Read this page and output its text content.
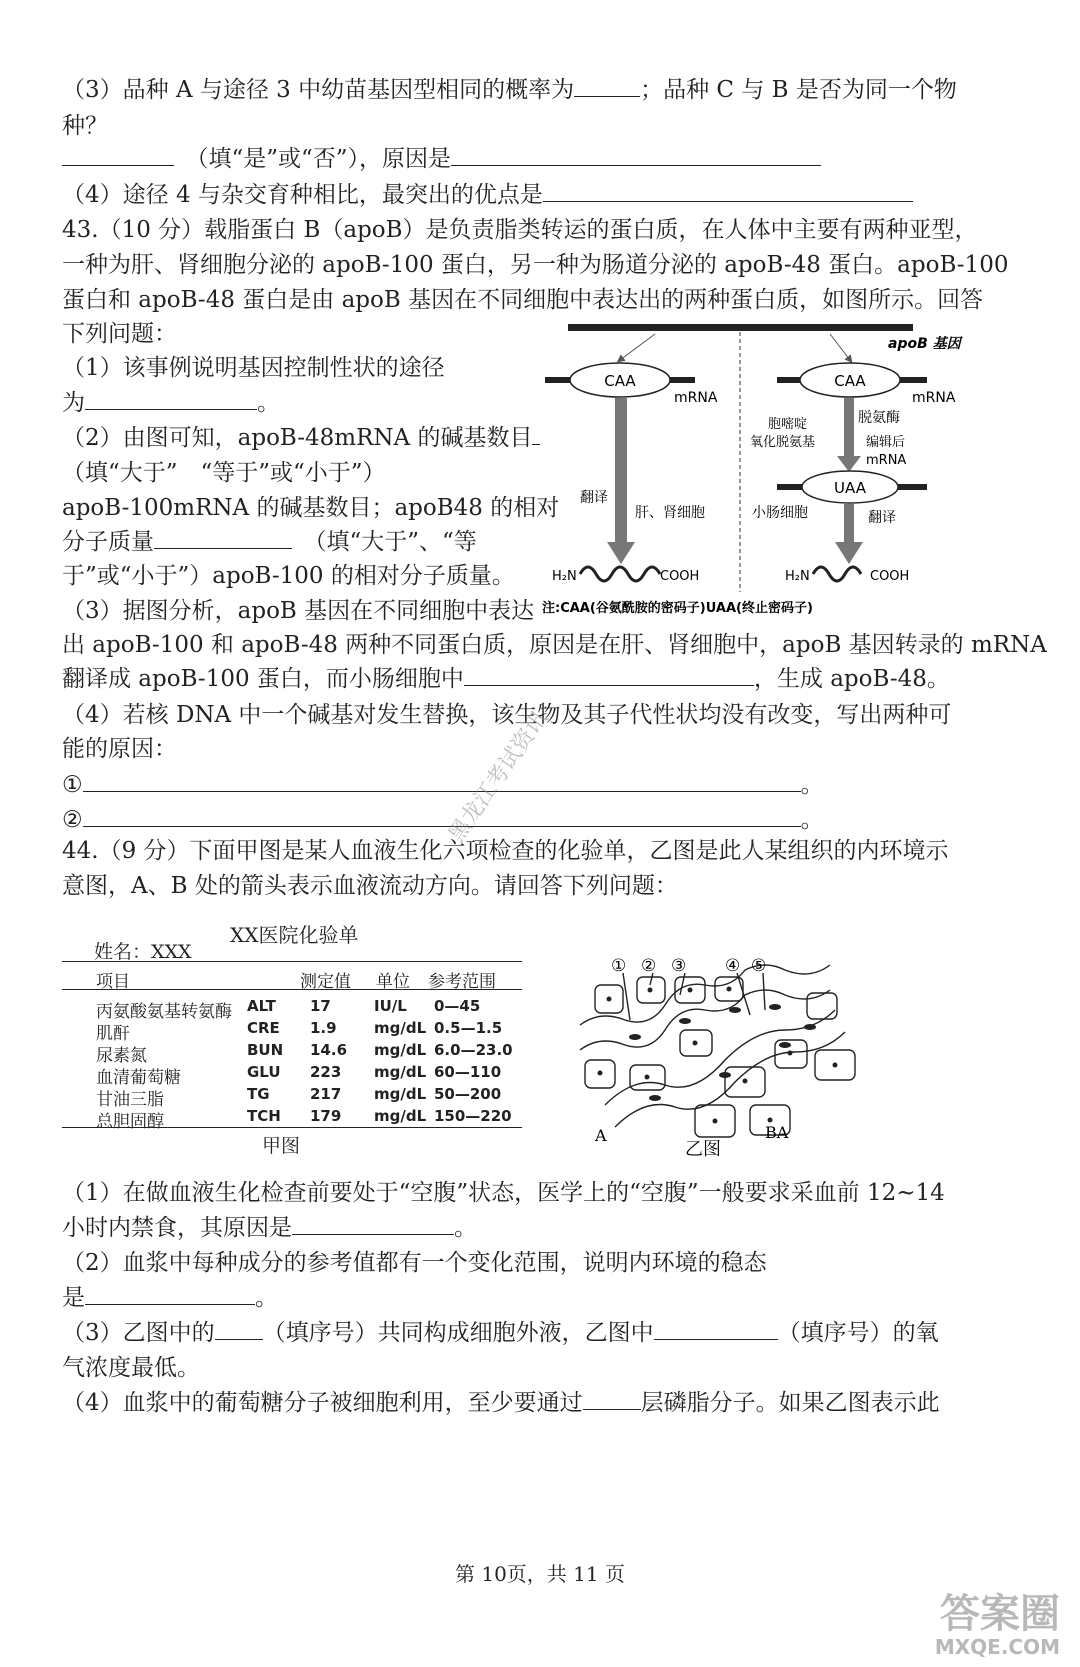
（3）品种 A 与途径 3 中幼苗基因型相同的概率为	；品种 C 与 B 是否为同一个物
种？
　（填“是”或“否”），原因是
（4）途径 4 与杂交育种相比，最突出的优点是
43.（10 分）载脂蛋白 B（apoB）是负责脂类转运的蛋白质，在人体中主要有两种亚型，
一种为肝、肾细胞分泌的 apoB-100 蛋白，另一种为肠道分泌的 apoB-48 蛋白。apoB-100
蛋白和 apoB-48 蛋白是由 apoB 基因在不同细胞中表达出的两种蛋白质，如图所示。回答
下列问题：
（1）该事例说明基因控制性状的途径
为	。
（2）由图可知，apoB-48mRNA 的碱基数目
（填“大于”　“等于”或“小于”）
apoB-100mRNA 的碱基数目；apoB48 的相对
分子质量　	（填“大于”、“等
于”或“小于”）apoB-100 的相对分子质量。
（3）据图分析，apoB 基因在不同细胞中表达
出 apoB-100 和 apoB-48 两种不同蛋白质，原因是在肝、肾细胞中，apoB 基因转录的 mRNA
翻译成 apoB-100 蛋白，而小肠细胞中	，生成 apoB-48。
（4）若核 DNA 中一个碱基对发生替换，该生物及其子代性状均没有改变，写出两种可
能的原因：
①	。
②	。
apoB 基因
CAA
mRNA
翻译
肝、肾细胞
H₂N	COOH
CAA
mRNA
胞嘧啶
氧化脱氨基
脱氨酶
编辑后
mRNA
UAA
小肠细胞	翻译
H₂N	COOH
注:CAA(谷氨酰胺的密码子)UAA(终止密码子)
44.（9 分）下面甲图是某人血液生化六项检查的化验单，乙图是此人某组织的内环境示
意图，A、B 处的箭头表示血液流动方向。请回答下列问题：
XX医院化验单
姓名：XXX
项目	测定值 单位 参考范围
丙氨酸氨基转氨酶 ALT 17	IU/L 0—45
肌酐	CRE 1.9 mg/dL 0.5—1.5
尿素氮	BUN 14.6 mg/dL 6.0—23.0
血清葡萄糖	GLU 223 mg/dL 60—110
甘油三脂	TG	217 mg/dL 50—200
总胆固醇	TCH 179 mg/dL 150—220
甲图
① ② ③ ④ ⑤
A	BA
乙图
（1）在做血液生化检查前要处于“空腹”状态，医学上的“空腹”一般要求采血前 12~14
小时内禁食，其原因是	。
（2）血浆中每种成分的参考值都有一个变化范围，说明内环境的稳态
是	。
（3）乙图中的 （填序号）共同构成细胞外液，乙图中	（填序号）的氧
气浓度最低。
（4）血浆中的葡萄糖分子被细胞利用，至少要通过	层磷脂分子。如果乙图表示此
黑龙江考试资讯
第 10页，共 11 页
答案圈
MXQE.COM
